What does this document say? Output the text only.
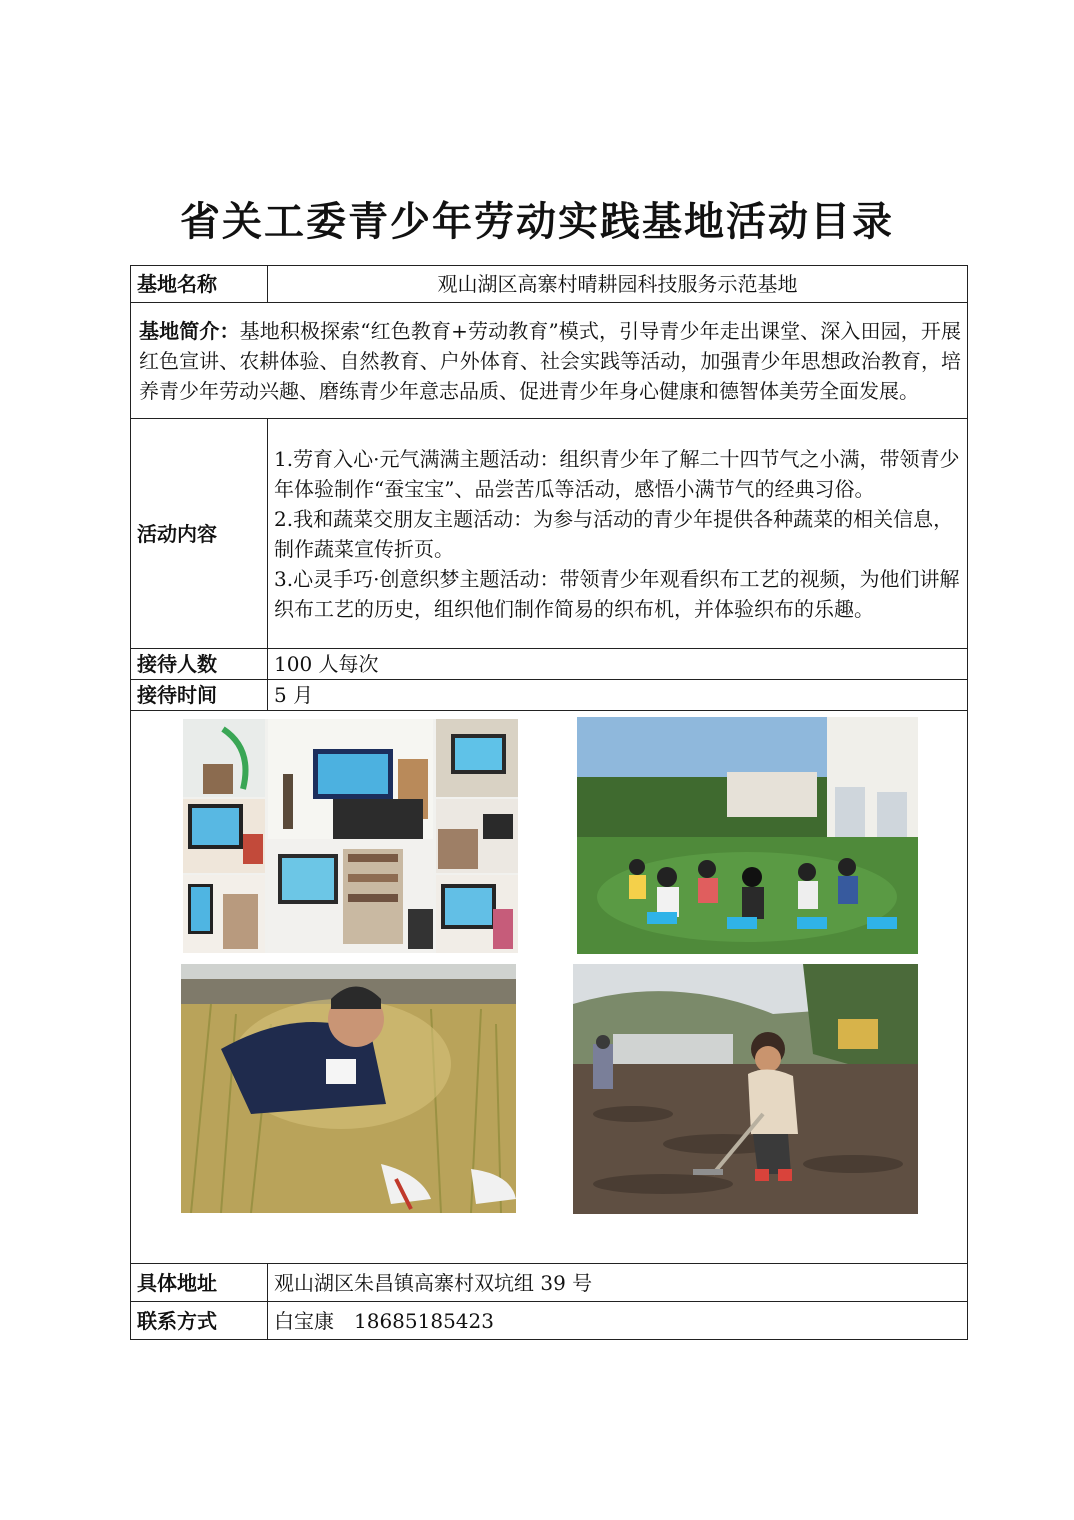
省关工委青少年劳动实践基地活动目录
基地名称	观山湖区高寨村晴耕园科技服务示范基地
基地简介：基地积极探索“红色教育+劳动教育”模式，引导青少年走出课堂、深入田园，开展红色宣讲、农耕体验、自然教育、户外体育、社会实践等活动，加强青少年思想政治教育，培养青少年劳动兴趣、磨练青少年意志品质、促进青少年身心健康和德智体美劳全面发展。	
活动内容	1.劳育入心·元气满满主题活动：组织青少年了解二十四节气之小满，带领青少年体验制作“蚕宝宝”、品尝苦瓜等活动，感悟小满节气的经典习俗。

2.我和蔬菜交朋友主题活动：为参与活动的青少年提供各种蔬菜的相关信息，制作蔬菜宣传折页。

3.心灵手巧·创意织梦主题活动：带领青少年观看织布工艺的视频，为他们讲解织布工艺的历史，组织他们制作简易的织布机，并体验织布的乐趣。

接待人数	100 人每次
接待时间	5 月

具体地址	观山湖区朱昌镇高寨村双坑组 39 号
联系方式	白宝康　18685185423
